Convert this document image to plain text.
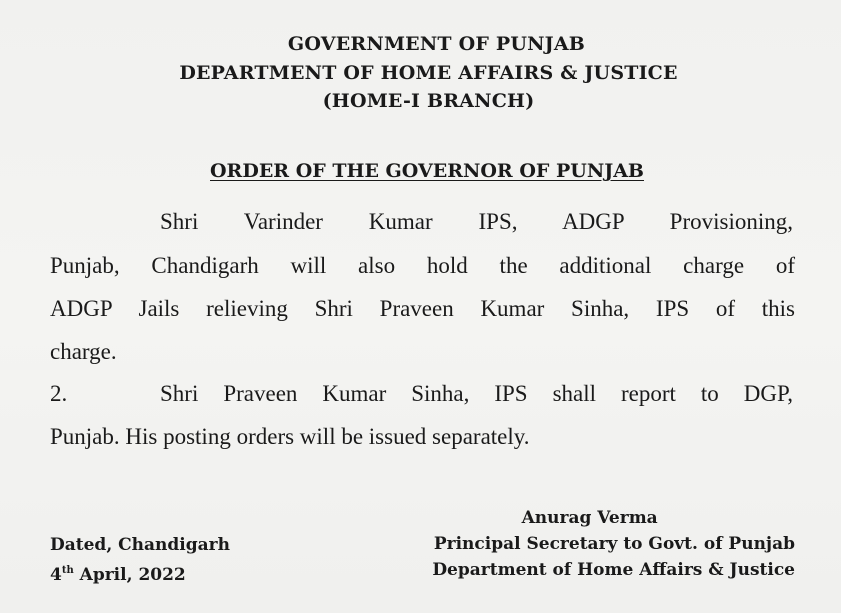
GOVERNMENT OF PUNJAB
DEPARTMENT OF HOME AFFAIRS & JUSTICE
(HOME-I BRANCH)
ORDER OF THE GOVERNOR OF PUNJAB
Shri Varinder Kumar IPS, ADGP Provisioning,
Punjab, Chandigarh will also hold the additional charge of
ADGP Jails relieving Shri Praveen Kumar Sinha, IPS of this
charge.
2.	Shri Praveen Kumar Sinha, IPS shall report to DGP,
Punjab. His posting orders will be issued separately.
Dated, Chandigarh
4th April, 2022
Anurag Verma
Principal Secretary to Govt. of Punjab
Department of Home Affairs & Justice
